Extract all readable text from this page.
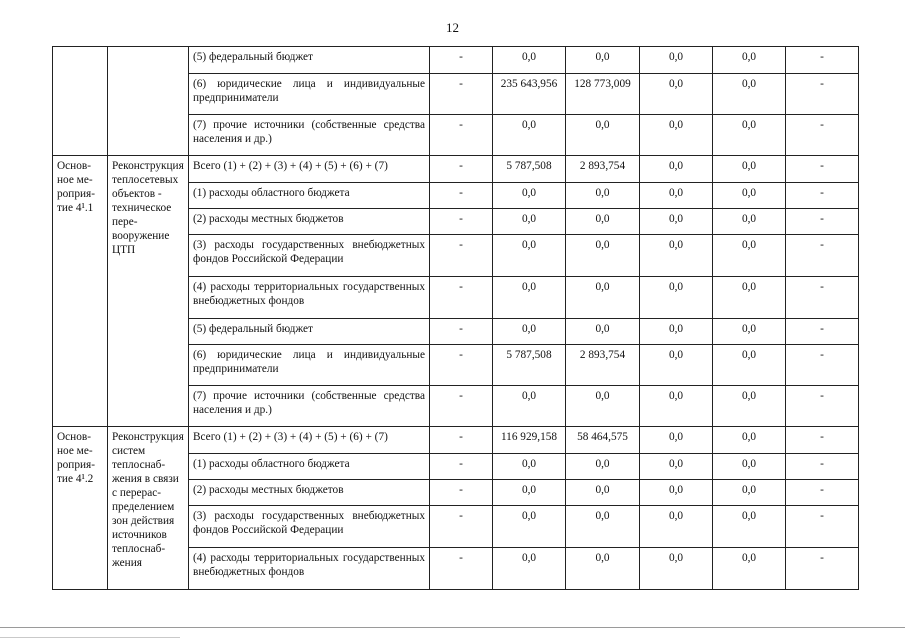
12
		(5) федеральный бюджет	-	0,0	0,0	0,0	0,0	-
		(6) юридические лица и индивидуальные предприниматели	-	235 643,956	128 773,009	0,0	0,0	-
		(7) прочие источники (собственные средства населения и др.)	-	0,0	0,0	0,0	0,0	-
Основное мероприятие 4¹.1	Реконструкция теплосетевых объектов - техническое перевооружение ЦТП	Всего (1) + (2) + (3) + (4) + (5) + (6) + (7)	-	5 787,508	2 893,754	0,0	0,0	-
		(1) расходы областного бюджета	-	0,0	0,0	0,0	0,0	-
		(2) расходы местных бюджетов	-	0,0	0,0	0,0	0,0	-
		(3) расходы государственных внебюджетных фондов Российской Федерации	-	0,0	0,0	0,0	0,0	-
		(4) расходы территориальных государственных внебюджетных фондов	-	0,0	0,0	0,0	0,0	-
		(5) федеральный бюджет	-	0,0	0,0	0,0	0,0	-
		(6) юридические лица и индивидуальные предприниматели	-	5 787,508	2 893,754	0,0	0,0	-
		(7) прочие источники (собственные средства населения и др.)	-	0,0	0,0	0,0	0,0	-
Основное мероприятие 4¹.2	Реконструкция систем теплоснабжения в связи с перераспределением зон действия источников теплоснабжения	Всего (1) + (2) + (3) + (4) + (5) + (6) + (7)	-	116 929,158	58 464,575	0,0	0,0	-
		(1) расходы областного бюджета	-	0,0	0,0	0,0	0,0	-
		(2) расходы местных бюджетов	-	0,0	0,0	0,0	0,0	-
		(3) расходы государственных внебюджетных фондов Российской Федерации	-	0,0	0,0	0,0	0,0	-
		(4) расходы территориальных государственных внебюджетных фондов	-	0,0	0,0	0,0	0,0	-
